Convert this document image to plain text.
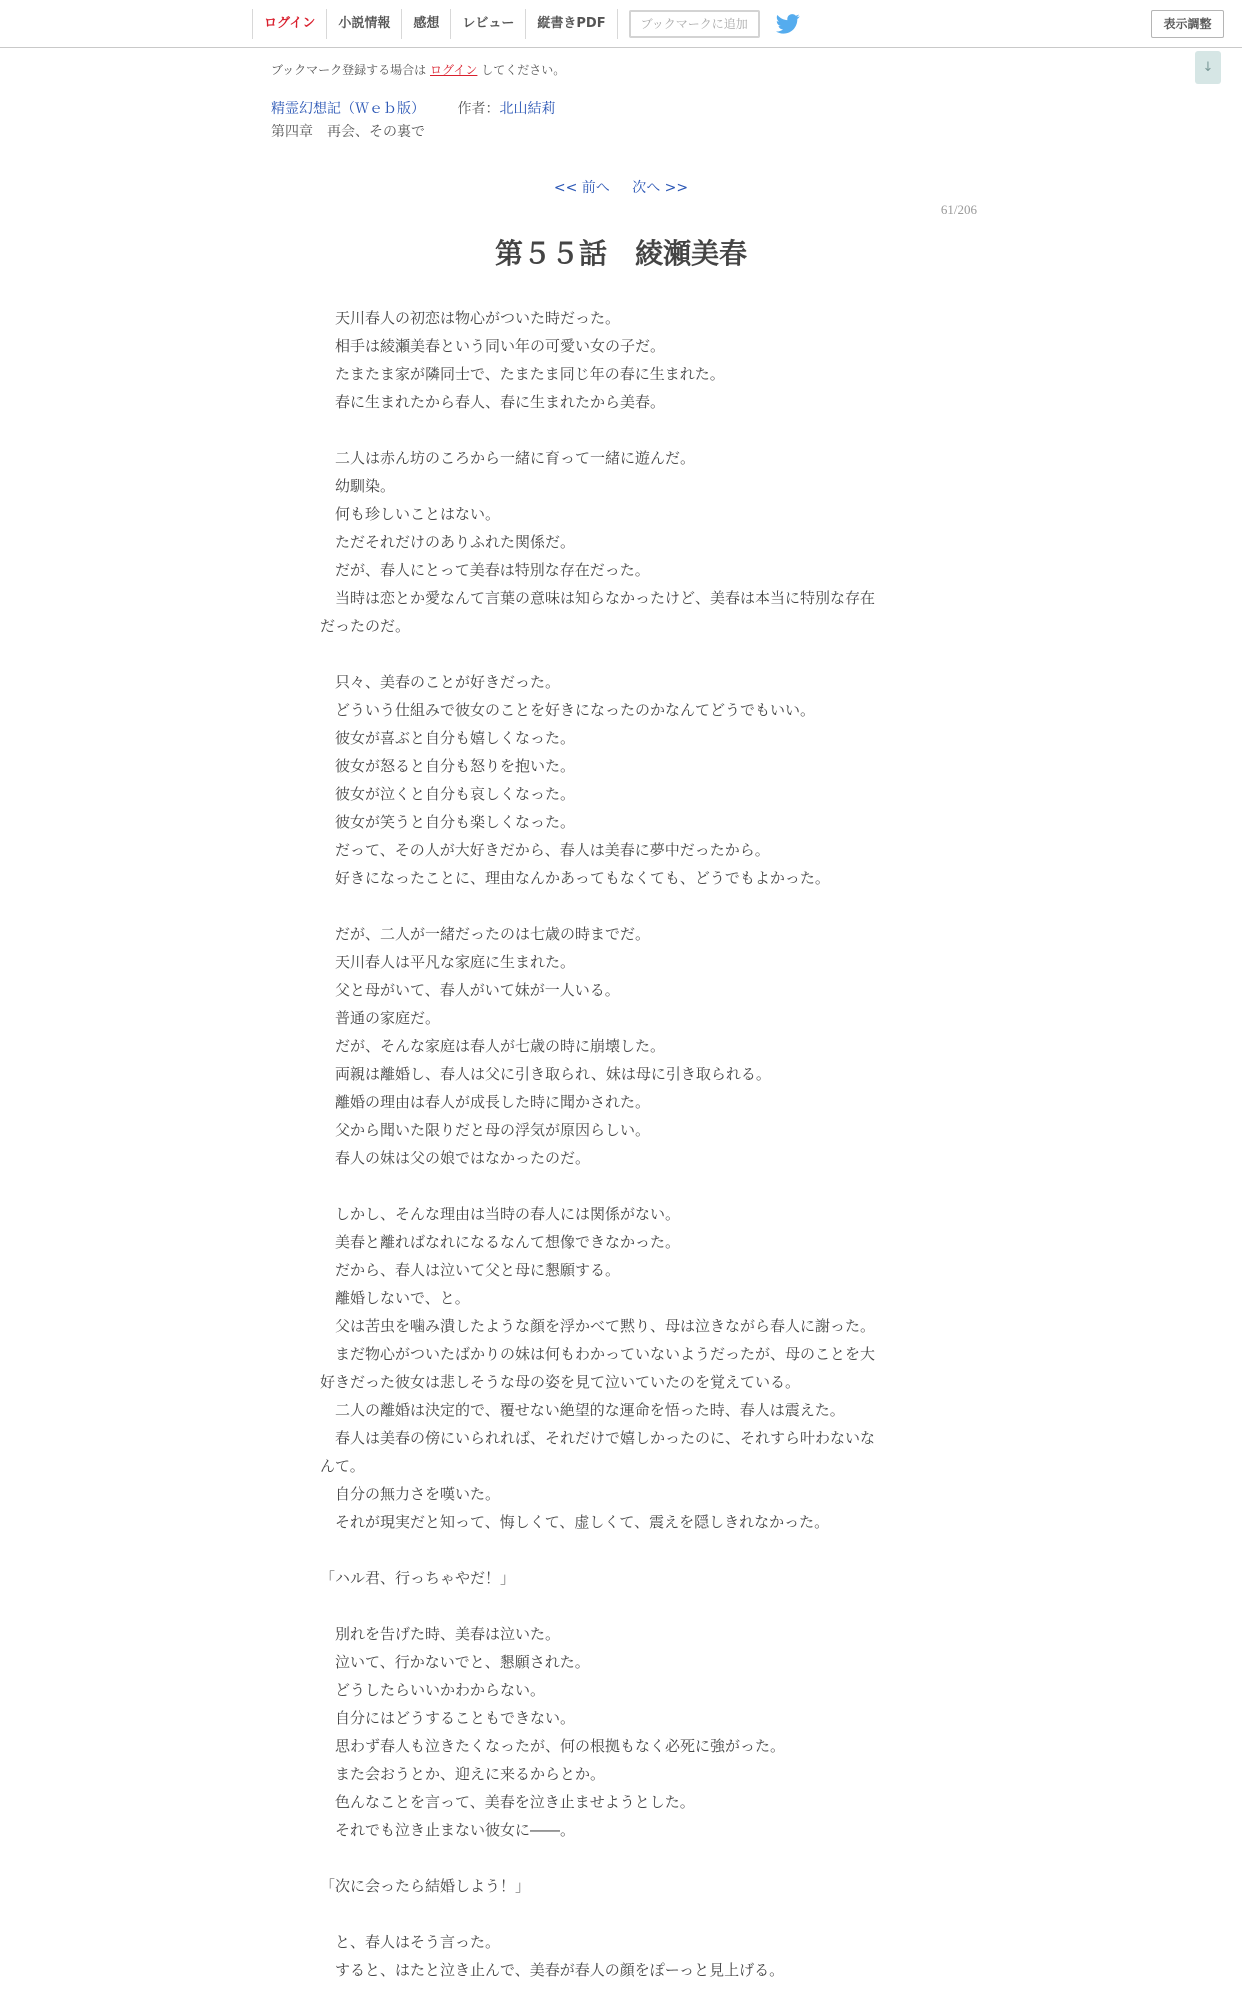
ログイン	小説情報	感想	レビュー	縦書きPDF	ブックマークに追加	表示調整
↓
ブックマーク登録する場合は ログイン してください。
精霊幻想記（Ｗｅｂ版） 作者：北山結莉
第四章　再会、その裏で
<< 前へ 次へ >>
61/206
第５５話　綾瀬美春

　天川春人の初恋は物心がついた時だった。

　相手は綾瀬美春という同い年の可愛い女の子だ。

　たまたま家が隣同士で、たまたま同じ年の春に生まれた。

　春に生まれたから春人、春に生まれたから美春。

　二人は赤ん坊のころから一緒に育って一緒に遊んだ。

　幼馴染。

　何も珍しいことはない。

　ただそれだけのありふれた関係だ。

　だが、春人にとって美春は特別な存在だった。

　当時は恋とか愛なんて言葉の意味は知らなかったけど、美春は本当に特別な存在

だったのだ。

　只々、美春のことが好きだった。

　どういう仕組みで彼女のことを好きになったのかなんてどうでもいい。

　彼女が喜ぶと自分も嬉しくなった。

　彼女が怒ると自分も怒りを抱いた。

　彼女が泣くと自分も哀しくなった。

　彼女が笑うと自分も楽しくなった。

　だって、その人が大好きだから、春人は美春に夢中だったから。

　好きになったことに、理由なんかあってもなくても、どうでもよかった。

　だが、二人が一緒だったのは七歳の時までだ。

　天川春人は平凡な家庭に生まれた。

　父と母がいて、春人がいて妹が一人いる。

　普通の家庭だ。

　だが、そんな家庭は春人が七歳の時に崩壊した。

　両親は離婚し、春人は父に引き取られ、妹は母に引き取られる。

　離婚の理由は春人が成長した時に聞かされた。

　父から聞いた限りだと母の浮気が原因らしい。

　春人の妹は父の娘ではなかったのだ。

　しかし、そんな理由は当時の春人には関係がない。

　美春と離ればなれになるなんて想像できなかった。

　だから、春人は泣いて父と母に懇願する。

　離婚しないで、と。

　父は苦虫を噛み潰したような顔を浮かべて黙り、母は泣きながら春人に謝った。

　まだ物心がついたばかりの妹は何もわかっていないようだったが、母のことを大

好きだった彼女は悲しそうな母の姿を見て泣いていたのを覚えている。

　二人の離婚は決定的で、覆せない絶望的な運命を悟った時、春人は震えた。

　春人は美春の傍にいられれば、それだけで嬉しかったのに、それすら叶わないな

んて。

　自分の無力さを嘆いた。

　それが現実だと知って、悔しくて、虚しくて、震えを隠しきれなかった。

「ハル君、行っちゃやだ！」

　別れを告げた時、美春は泣いた。

　泣いて、行かないでと、懇願された。

　どうしたらいいかわからない。

　自分にはどうすることもできない。

　思わず春人も泣きたくなったが、何の根拠もなく必死に強がった。

　また会おうとか、迎えに来るからとか。

　色んなことを言って、美春を泣き止ませようとした。

　それでも泣き止まない彼女に――。

「次に会ったら結婚しよう！」

　と、春人はそう言った。

　すると、はたと泣き止んで、美春が春人の顔をぽーっと見上げる。
